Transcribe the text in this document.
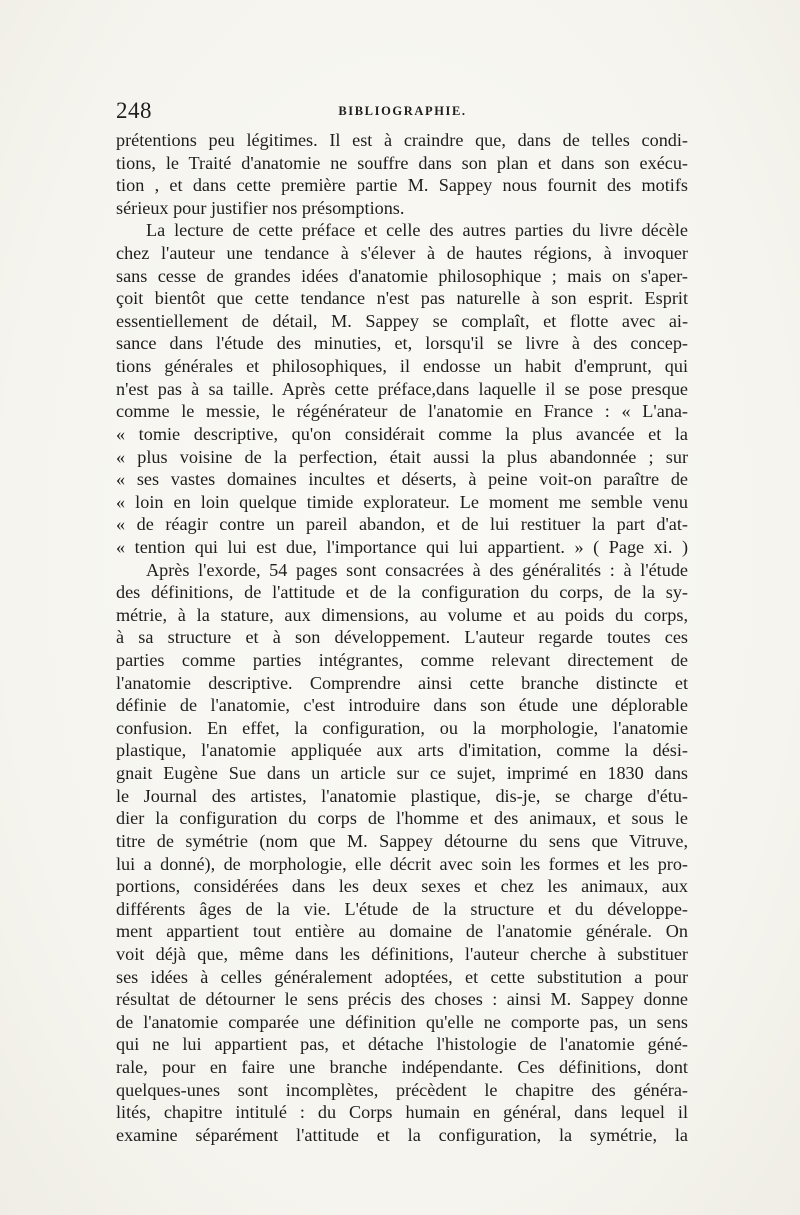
248	BIBLIOGRAPHIE.
prétentions peu légitimes. Il est à craindre que, dans de telles condi-
tions, le Traité d'anatomie ne souffre dans son plan et dans son exécu-
tion , et dans cette première partie M. Sappey nous fournit des motifs
sérieux pour justifier nos présomptions.
La lecture de cette préface et celle des autres parties du livre décèle
chez l'auteur une tendance à s'élever à de hautes régions, à invoquer
sans cesse de grandes idées d'anatomie philosophique ; mais on s'aper-
çoit bientôt que cette tendance n'est pas naturelle à son esprit. Esprit
essentiellement de détail, M. Sappey se complaît, et flotte avec ai-
sance dans l'étude des minuties, et, lorsqu'il se livre à des concep-
tions générales et philosophiques, il endosse un habit d'emprunt, qui
n'est pas à sa taille. Après cette préface,dans laquelle il se pose presque
comme le messie, le régénérateur de l'anatomie en France : « L'ana-
« tomie descriptive, qu'on considérait comme la plus avancée et la
« plus voisine de la perfection, était aussi la plus abandonnée ; sur
« ses vastes domaines incultes et déserts, à peine voit-on paraître de
« loin en loin quelque timide explorateur. Le moment me semble venu
« de réagir contre un pareil abandon, et de lui restituer la part d'at-
« tention qui lui est due, l'importance qui lui appartient. » ( Page xi. )
Après l'exorde, 54 pages sont consacrées à des généralités : à l'étude
des définitions, de l'attitude et de la configuration du corps, de la sy-
métrie, à la stature, aux dimensions, au volume et au poids du corps,
à sa structure et à son développement. L'auteur regarde toutes ces
parties comme parties intégrantes, comme relevant directement de
l'anatomie descriptive. Comprendre ainsi cette branche distincte et
définie de l'anatomie, c'est introduire dans son étude une déplorable
confusion. En effet, la configuration, ou la morphologie, l'anatomie
plastique, l'anatomie appliquée aux arts d'imitation, comme la dési-
gnait Eugène Sue dans un article sur ce sujet, imprimé en 1830 dans
le Journal des artistes, l'anatomie plastique, dis-je, se charge d'étu-
dier la configuration du corps de l'homme et des animaux, et sous le
titre de symétrie (nom que M. Sappey détourne du sens que Vitruve,
lui a donné), de morphologie, elle décrit avec soin les formes et les pro-
portions, considérées dans les deux sexes et chez les animaux, aux
différents âges de la vie. L'étude de la structure et du développe-
ment appartient tout entière au domaine de l'anatomie générale. On
voit déjà que, même dans les définitions, l'auteur cherche à substituer
ses idées à celles généralement adoptées, et cette substitution a pour
résultat de détourner le sens précis des choses : ainsi M. Sappey donne
de l'anatomie comparée une définition qu'elle ne comporte pas, un sens
qui ne lui appartient pas, et détache l'histologie de l'anatomie géné-
rale, pour en faire une branche indépendante. Ces définitions, dont
quelques-unes sont incomplètes, précèdent le chapitre des généra-
lités, chapitre intitulé : du Corps humain en général, dans lequel il
examine séparément l'attitude et la configuration, la symétrie, la
